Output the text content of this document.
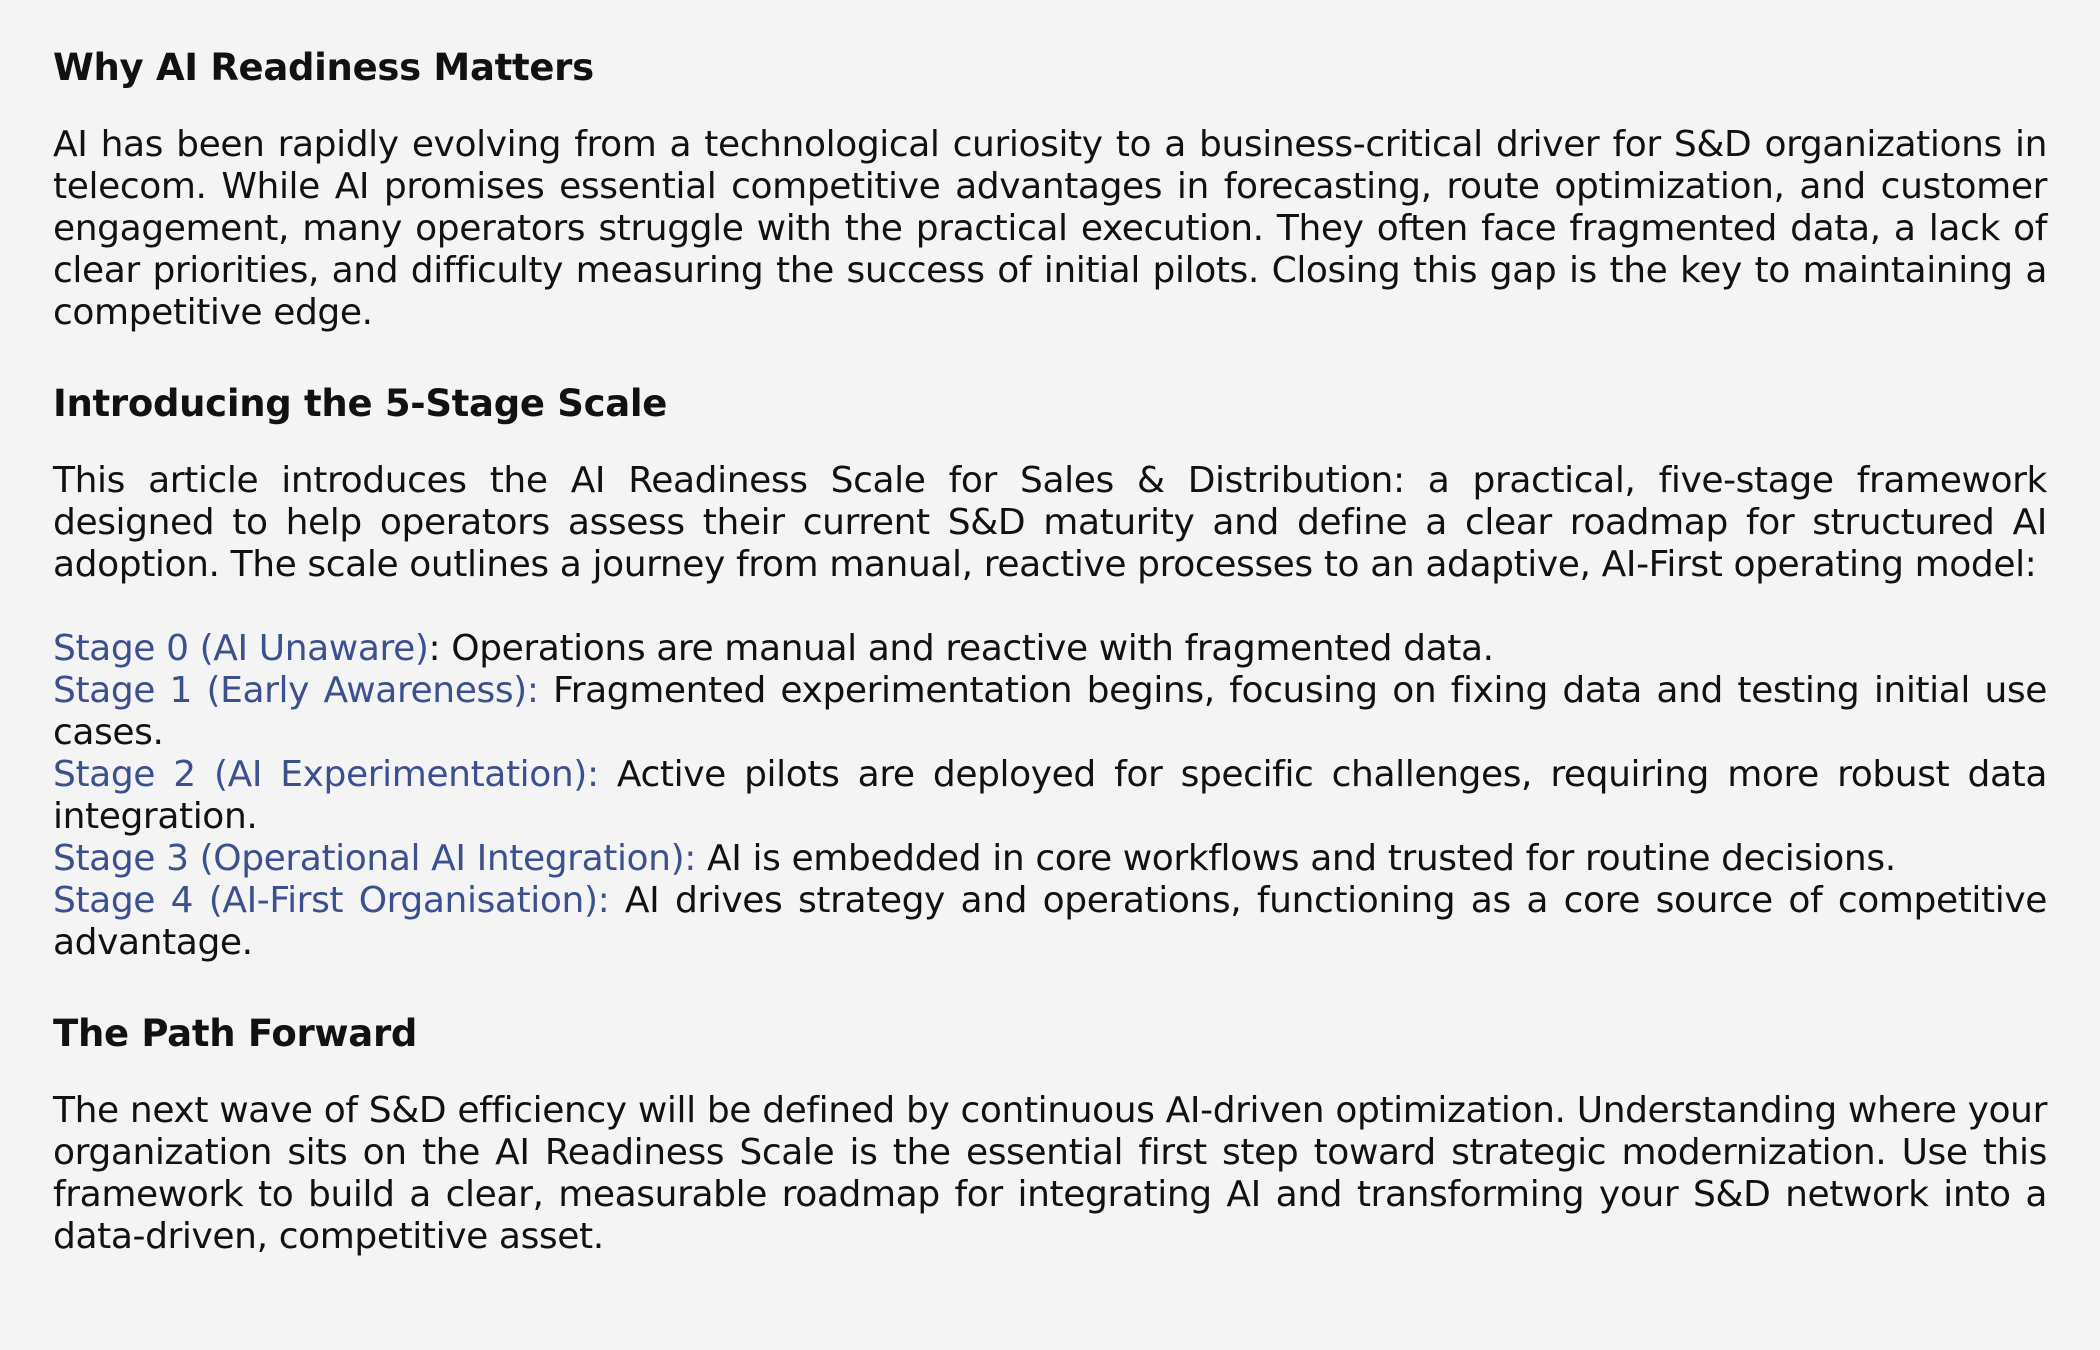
Why AI Readiness Matters

AI has been rapidly evolving from a technological curiosity to a business-critical driver for S&D organizations in telecom. While AI promises essential competitive advantages in forecasting, route optimization, and customer engagement, many operators struggle with the practical execution. They often face fragmented data, a lack of clear priorities, and difficulty measuring the success of initial pilots. Closing this gap is the key to maintaining a competitive edge.

Introducing the 5-Stage Scale

This article introduces the AI Readiness Scale for Sales & Distribution: a practical, five-stage framework designed to help operators assess their current S&D maturity and define a clear roadmap for structured AI adoption. The scale outlines a journey from manual, reactive processes to an adaptive, AI-First operating model:

Stage 0 (AI Unaware): Operations are manual and reactive with fragmented data.
Stage 1 (Early Awareness): Fragmented experimentation begins, focusing on fixing data and testing initial use cases.
Stage 2 (AI Experimentation): Active pilots are deployed for specific challenges, requiring more robust data integration.
Stage 3 (Operational AI Integration): AI is embedded in core workflows and trusted for routine decisions.
Stage 4 (AI-First Organisation): AI drives strategy and operations, functioning as a core source of competitive advantage.
The Path Forward

The next wave of S&D efficiency will be defined by continuous AI-driven optimization. Understanding where your organization sits on the AI Readiness Scale is the essential first step toward strategic modernization. Use this framework to build a clear, measurable roadmap for integrating AI and transforming your S&D network into a data-driven, competitive asset.
